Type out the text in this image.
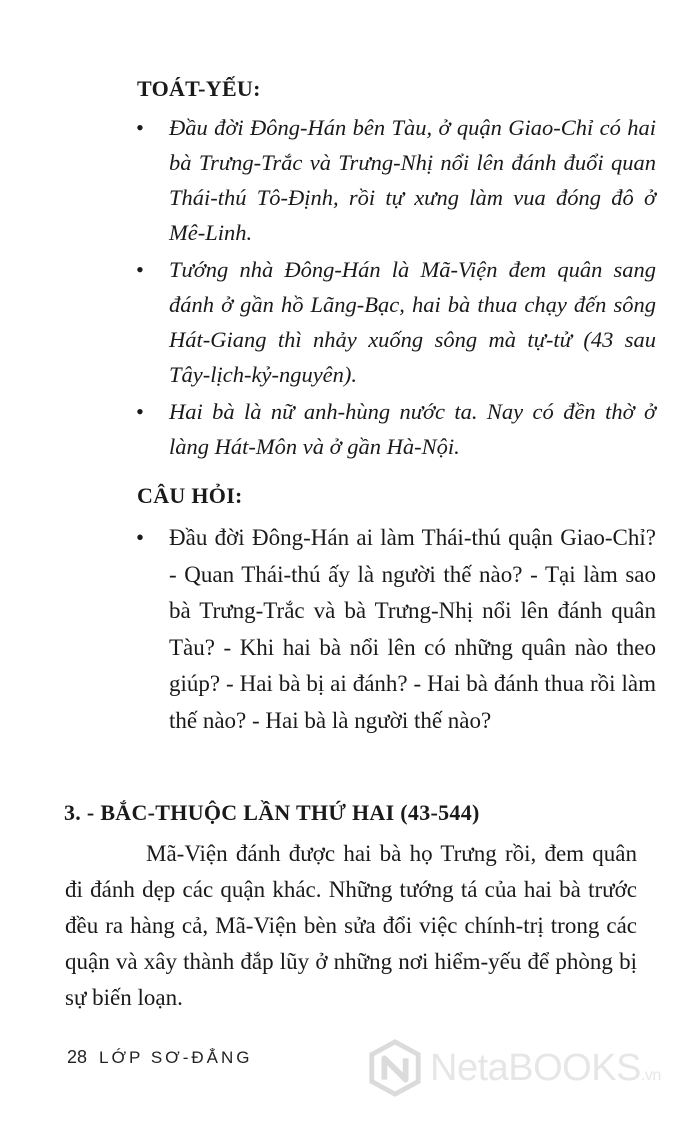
TOÁT-YẾU:
• Đầu đời Đông-Hán bên Tàu, ở quận Giao-Chỉ có hai bà Trưng-Trắc và Trưng-Nhị nổi lên đánh đuổi quan Thái-thú Tô-Định, rồi tự xưng làm vua đóng đô ở Mê-Linh.
• Tướng nhà Đông-Hán là Mã-Viện đem quân sang đánh ở gần hồ Lãng-Bạc, hai bà thua chạy đến sông Hát-Giang thì nhảy xuống sông mà tự-tử (43 sau Tây-lịch-kỷ-nguyên).
• Hai bà là nữ anh-hùng nước ta. Nay có đền thờ ở làng Hát-Môn và ở gần Hà-Nội.
CÂU HỎI:
• Đầu đời Đông-Hán ai làm Thái-thú quận Giao-Chỉ? - Quan Thái-thú ấy là người thế nào? - Tại làm sao bà Trưng-Trắc và bà Trưng-Nhị nổi lên đánh quân Tàu? - Khi hai bà nổi lên có những quân nào theo giúp? - Hai bà bị ai đánh? - Hai bà đánh thua rồi làm thế nào? - Hai bà là người thế nào?
3. - BẮC-THUỘC LẦN THỨ HAI (43-544)

Mã-Viện đánh được hai bà họ Trưng rồi, đem quân đi đánh dẹp các quận khác. Những tướng tá của hai bà trước đều ra hàng cả, Mã-Viện bèn sửa đổi việc chính-trị trong các quận và xây thành đắp lũy ở những nơi hiểm-yếu để phòng bị sự biến loạn.

28 LỚP SƠ-ĐẲNG	NetaBOOKS.vn
